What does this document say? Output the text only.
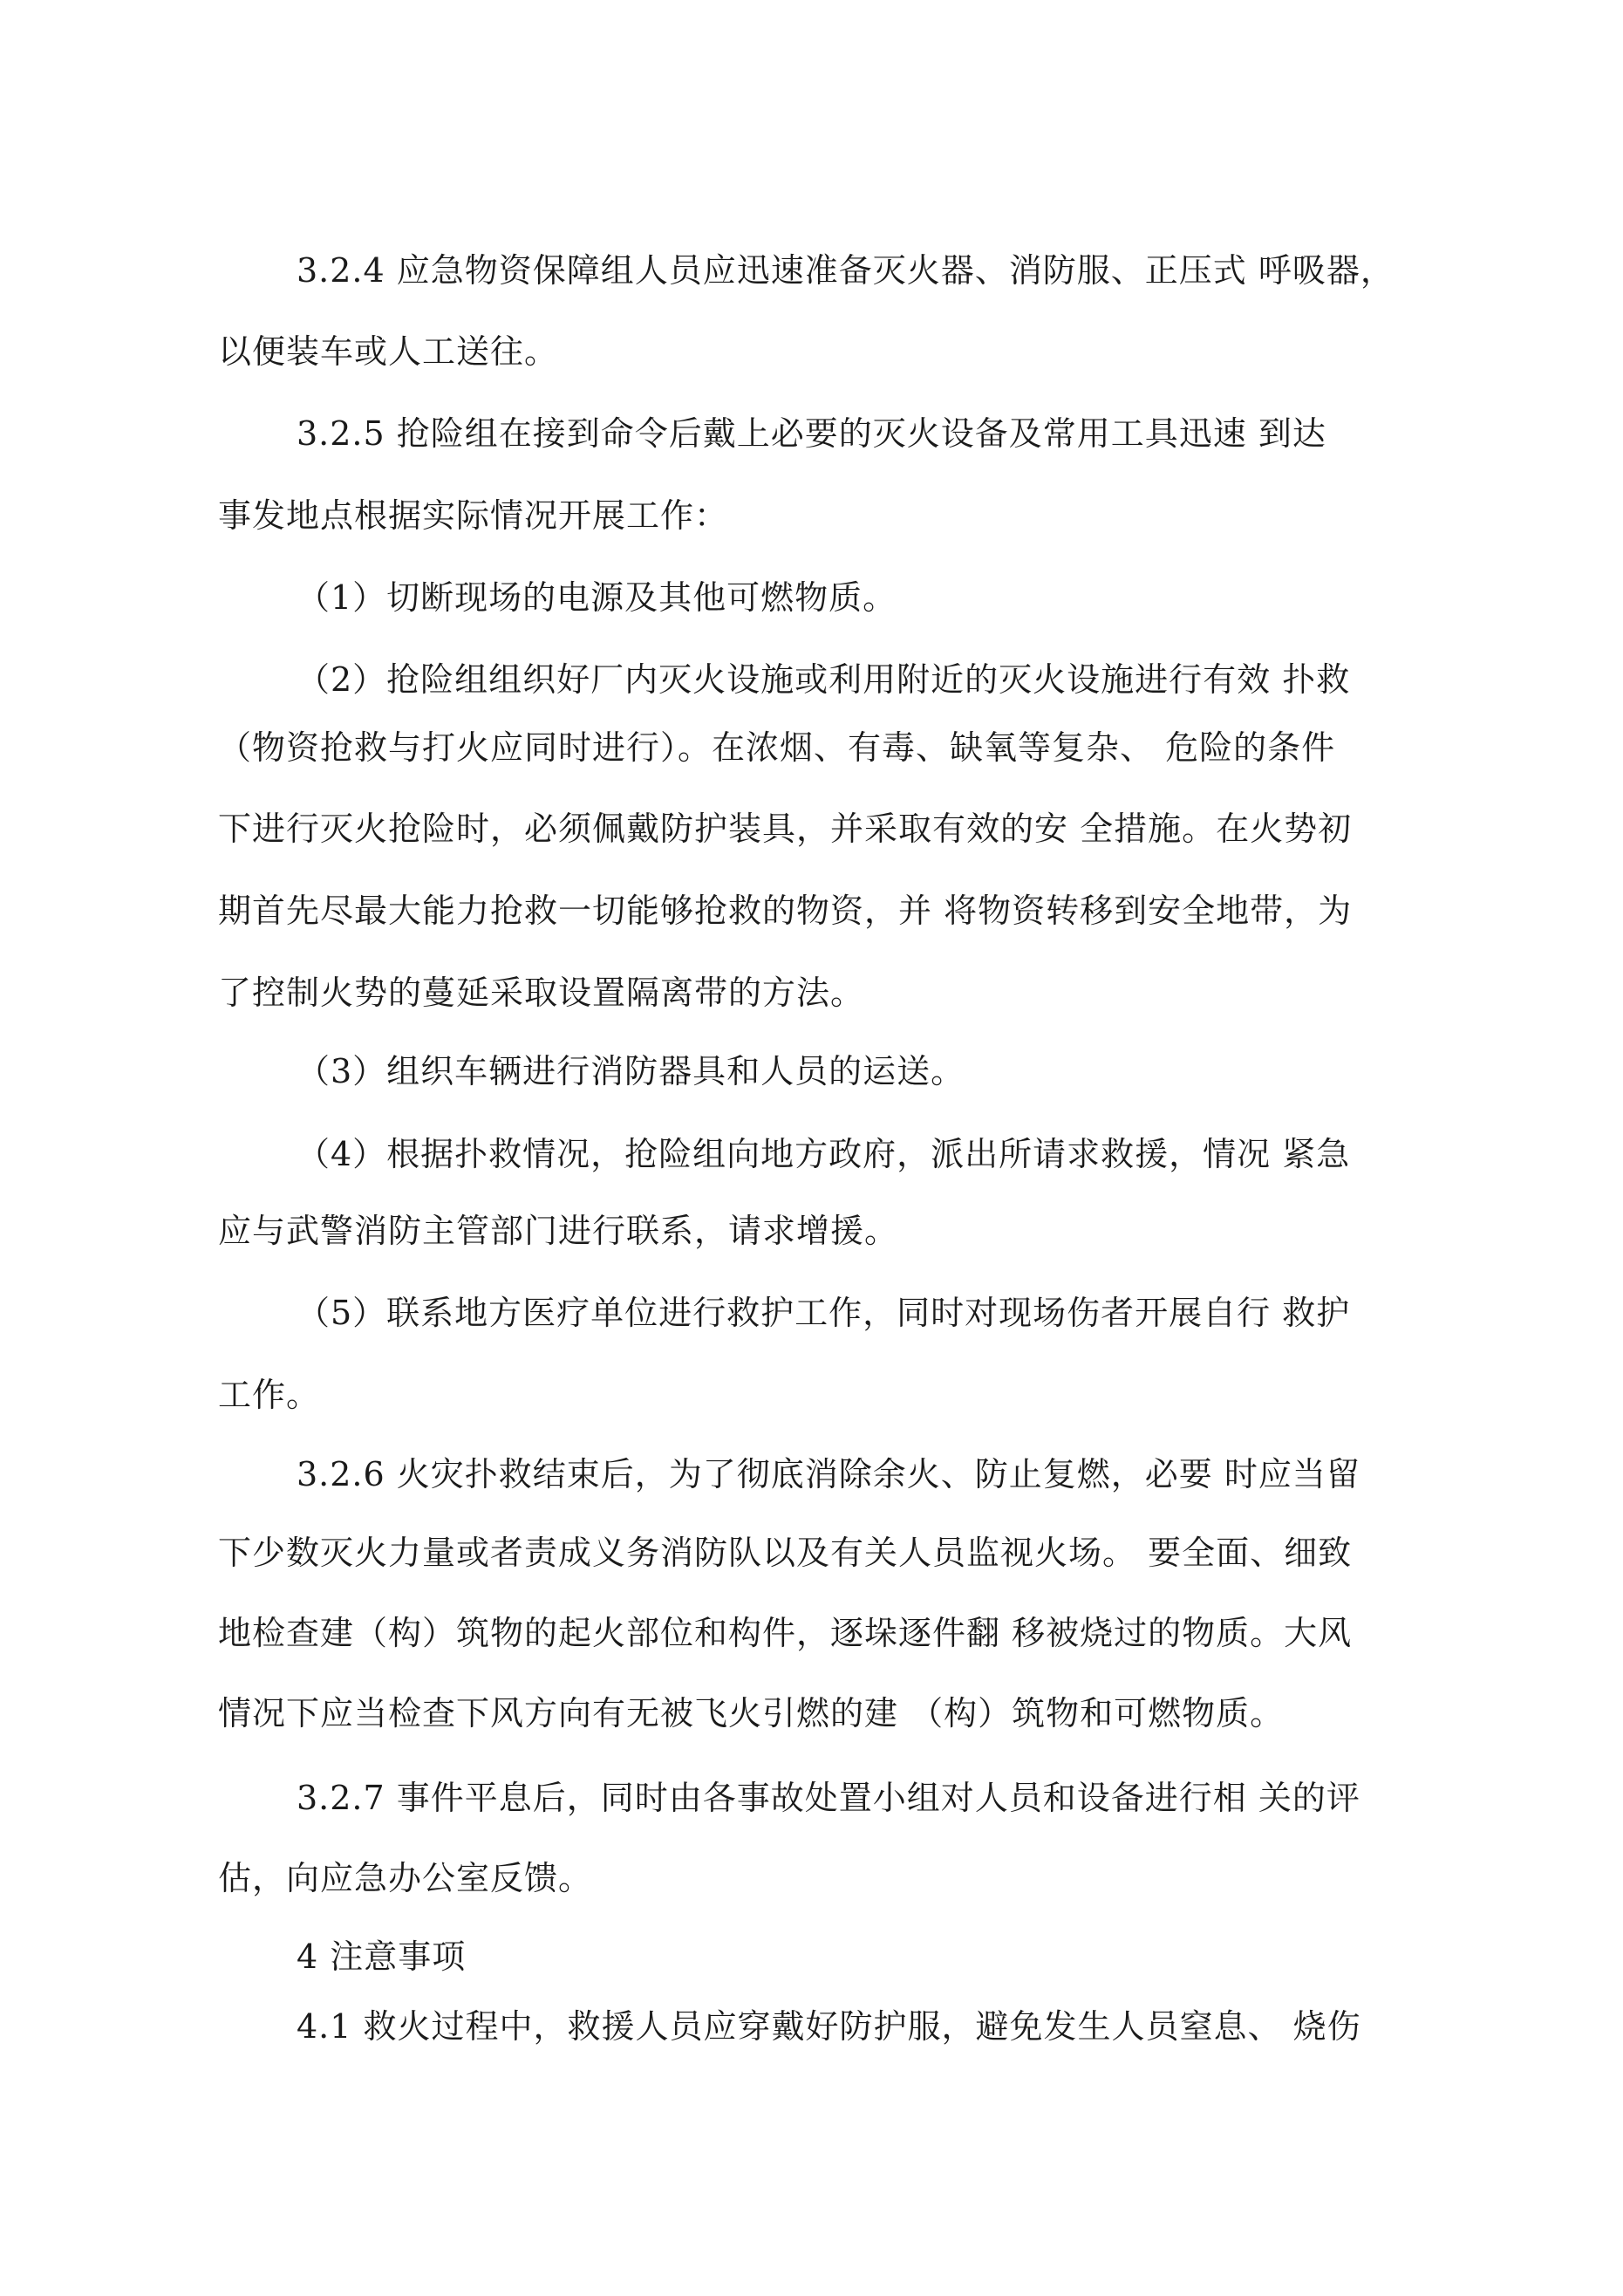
3.2.4 应急物资保障组人员应迅速准备灭火器、消防服、正压式 呼吸器，
以便装车或人工送往。
3.2.5 抢险组在接到命令后戴上必要的灭火设备及常用工具迅速 到达
事发地点根据实际情况开展工作：
（1）切断现场的电源及其他可燃物质。
（2）抢险组组织好厂内灭火设施或利用附近的灭火设施进行有效 扑救
（物资抢救与打火应同时进行）。在浓烟、有毒、缺氧等复杂、 危险的条件
下进行灭火抢险时，必须佩戴防护装具，并采取有效的安 全措施。在火势初
期首先尽最大能力抢救一切能够抢救的物资，并 将物资转移到安全地带，为
了控制火势的蔓延采取设置隔离带的方法。
（3）组织车辆进行消防器具和人员的运送。
（4）根据扑救情况，抢险组向地方政府，派出所请求救援，情况 紧急
应与武警消防主管部门进行联系，请求增援。
（5）联系地方医疗单位进行救护工作，同时对现场伤者开展自行 救护
工作。
3.2.6 火灾扑救结束后，为了彻底消除余火、防止复燃，必要 时应当留
下少数灭火力量或者责成义务消防队以及有关人员监视火场。 要全面、细致
地检查建（构）筑物的起火部位和构件，逐垛逐件翻 移被烧过的物质。大风
情况下应当检查下风方向有无被飞火引燃的建 （构）筑物和可燃物质。
3.2.7 事件平息后，同时由各事故处置小组对人员和设备进行相 关的评
估，向应急办公室反馈。
4 注意事项
4.1 救火过程中，救援人员应穿戴好防护服，避免发生人员窒息、 烧伤
